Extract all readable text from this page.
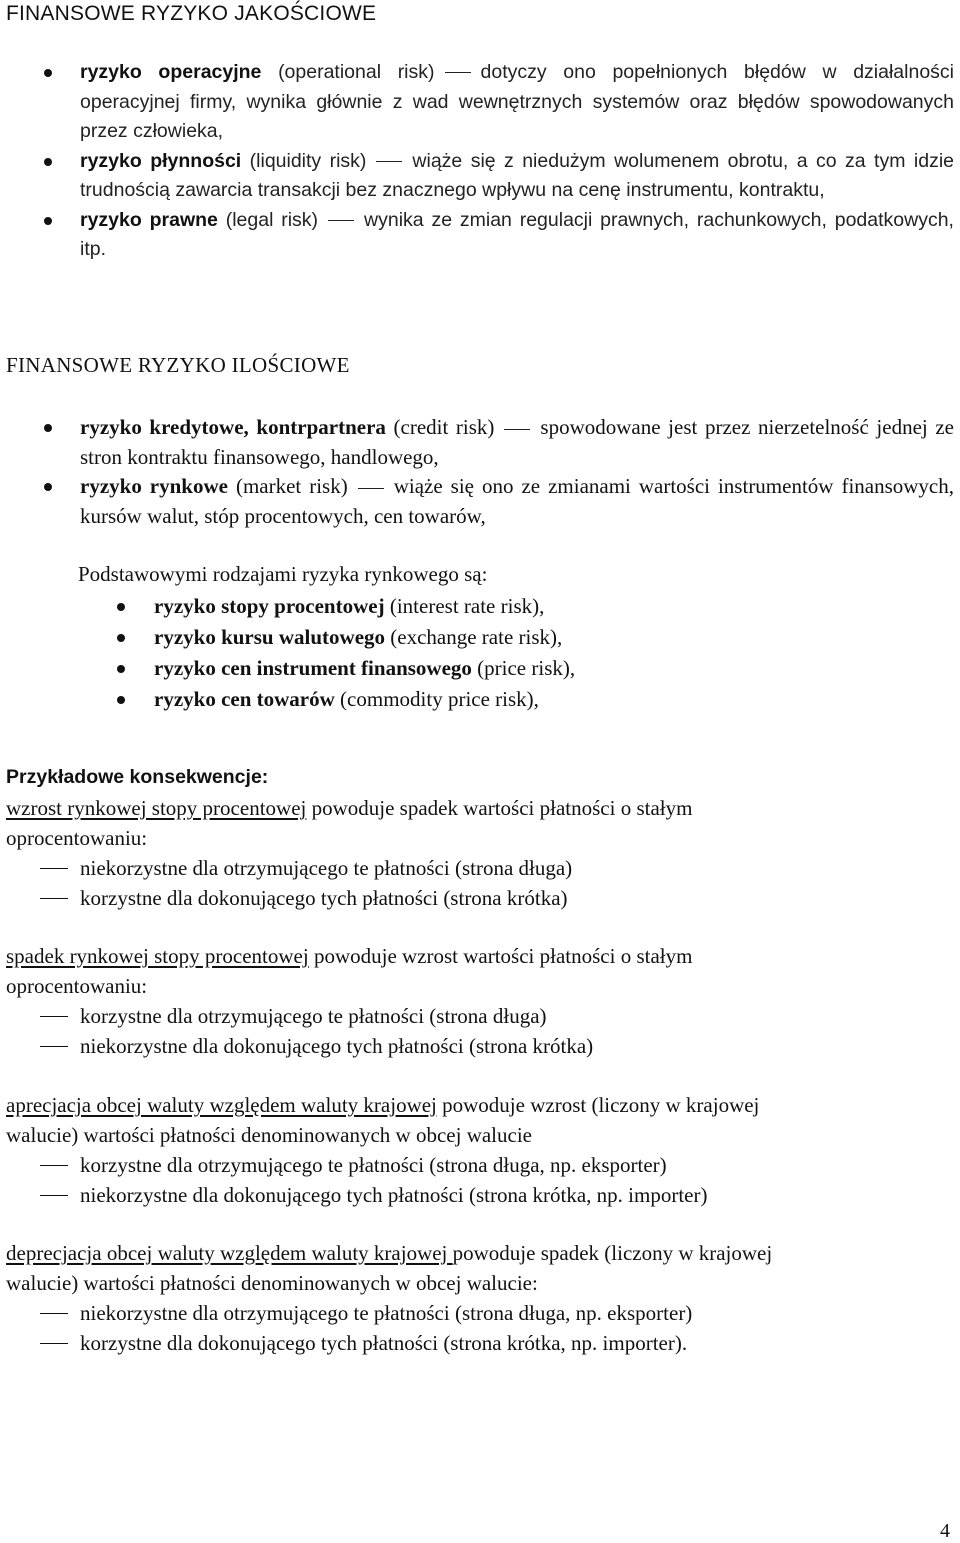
FINANSOWE RYZYKO JAKOŚCIOWE
ryzyko operacyjne (operational risk) dotyczy ono popełnionych błędów w działalności operacyjnej firmy, wynika głównie z wad wewnętrznych systemów oraz błędów spowodowanych przez człowieka,
ryzyko płynności (liquidity risk) wiąże się z niedużym wolumenem obrotu, a co za tym idzie trudnością zawarcia transakcji bez znacznego wpływu na cenę instrumentu, kontraktu,
ryzyko prawne (legal risk) wynika ze zmian regulacji prawnych, rachunkowych, podatkowych, itp.
FINANSOWE RYZYKO ILOŚCIOWE
ryzyko kredytowe, kontrpartnera (credit risk) spowodowane jest przez nierzetelność jednej ze stron kontraktu finansowego, handlowego,
ryzyko rynkowe (market risk) wiąże się ono ze zmianami wartości instrumentów finansowych, kursów walut, stóp procentowych, cen towarów,
Podstawowymi rodzajami ryzyka rynkowego są:
ryzyko stopy procentowej (interest rate risk),
ryzyko kursu walutowego (exchange rate risk),
ryzyko cen instrument finansowego (price risk),
ryzyko cen towarów (commodity price risk),
Przykładowe konsekwencje:

wzrost rynkowej stopy procentowej powoduje spadek wartości płatności o stałym

oprocentowaniu:

niekorzystne dla otrzymującego te płatności (strona długa)
korzystne dla dokonującego tych płatności (strona krótka)

spadek rynkowej stopy procentowej powoduje wzrost wartości płatności o stałym

oprocentowaniu:

korzystne dla otrzymującego te płatności (strona długa)
niekorzystne dla dokonującego tych płatności (strona krótka)

aprecjacja obcej waluty względem waluty krajowej powoduje wzrost (liczony w krajowej

walucie) wartości płatności denominowanych w obcej walucie

korzystne dla otrzymującego te płatności (strona długa, np. eksporter)
niekorzystne dla dokonującego tych płatności (strona krótka, np. importer)

deprecjacja obcej waluty względem waluty krajowej powoduje spadek (liczony w krajowej

walucie) wartości płatności denominowanych w obcej walucie:

niekorzystne dla otrzymującego te płatności (strona długa, np. eksporter)
korzystne dla dokonującego tych płatności (strona krótka, np. importer).
4
